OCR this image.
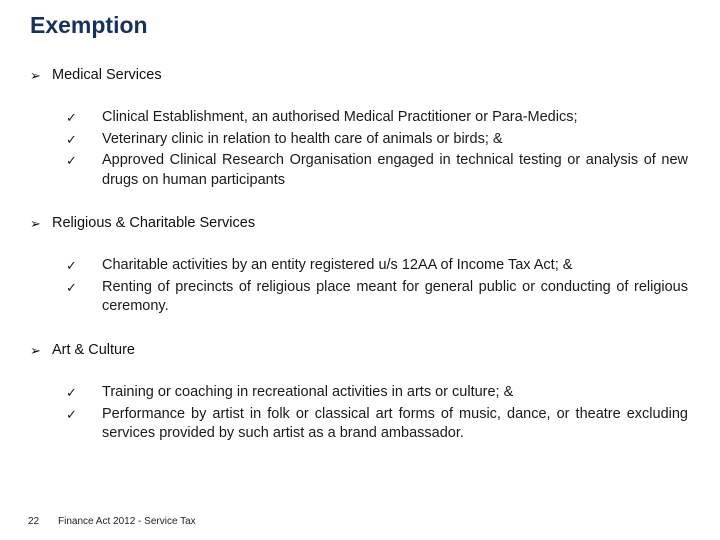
Exemption
➢ Medical Services
✓ Clinical Establishment, an authorised Medical Practitioner or Para-Medics;
✓ Veterinary clinic in relation to health care of animals or birds; &
✓ Approved Clinical Research Organisation engaged in technical testing or analysis of new drugs on human participants
➢ Religious & Charitable Services
✓ Charitable activities by an entity registered u/s 12AA of Income Tax Act; &
✓ Renting of precincts of religious place meant for general public or conducting of religious ceremony.
➢ Art & Culture
✓ Training or coaching in recreational activities in arts or culture; &
✓ Performance by artist in folk or classical art forms of music, dance, or theatre excluding services provided by such artist as a brand ambassador.
22 Finance Act 2012 - Service Tax
